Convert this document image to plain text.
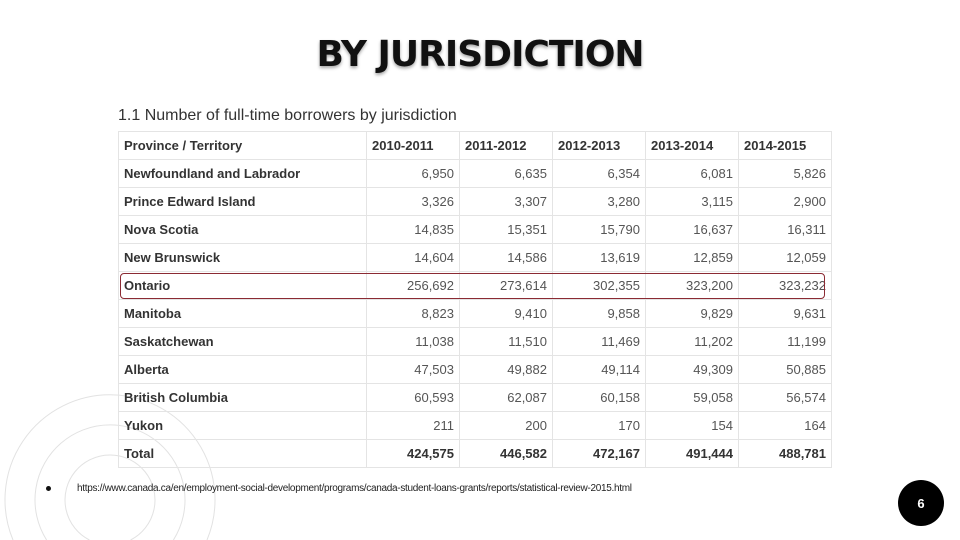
BY JURISDICTION
1.1 Number of full-time borrowers by jurisdiction
Province / Territory	2010-2011	2011-2012	2012-2013	2013-2014	2014-2015
Newfoundland and Labrador	6,950	6,635	6,354	6,081	5,826
Prince Edward Island	3,326	3,307	3,280	3,115	2,900
Nova Scotia	14,835	15,351	15,790	16,637	16,311
New Brunswick	14,604	14,586	13,619	12,859	12,059
Ontario	256,692	273,614	302,355	323,200	323,232
Manitoba	8,823	9,410	9,858	9,829	9,631
Saskatchewan	11,038	11,510	11,469	11,202	11,199
Alberta	47,503	49,882	49,114	49,309	50,885
British Columbia	60,593	62,087	60,158	59,058	56,574
Yukon	211	200	170	154	164
Total	424,575	446,582	472,167	491,444	488,781
https://www.canada.ca/en/employment-social-development/programs/canada-student-loans-grants/reports/statistical-review-2015.html
6
